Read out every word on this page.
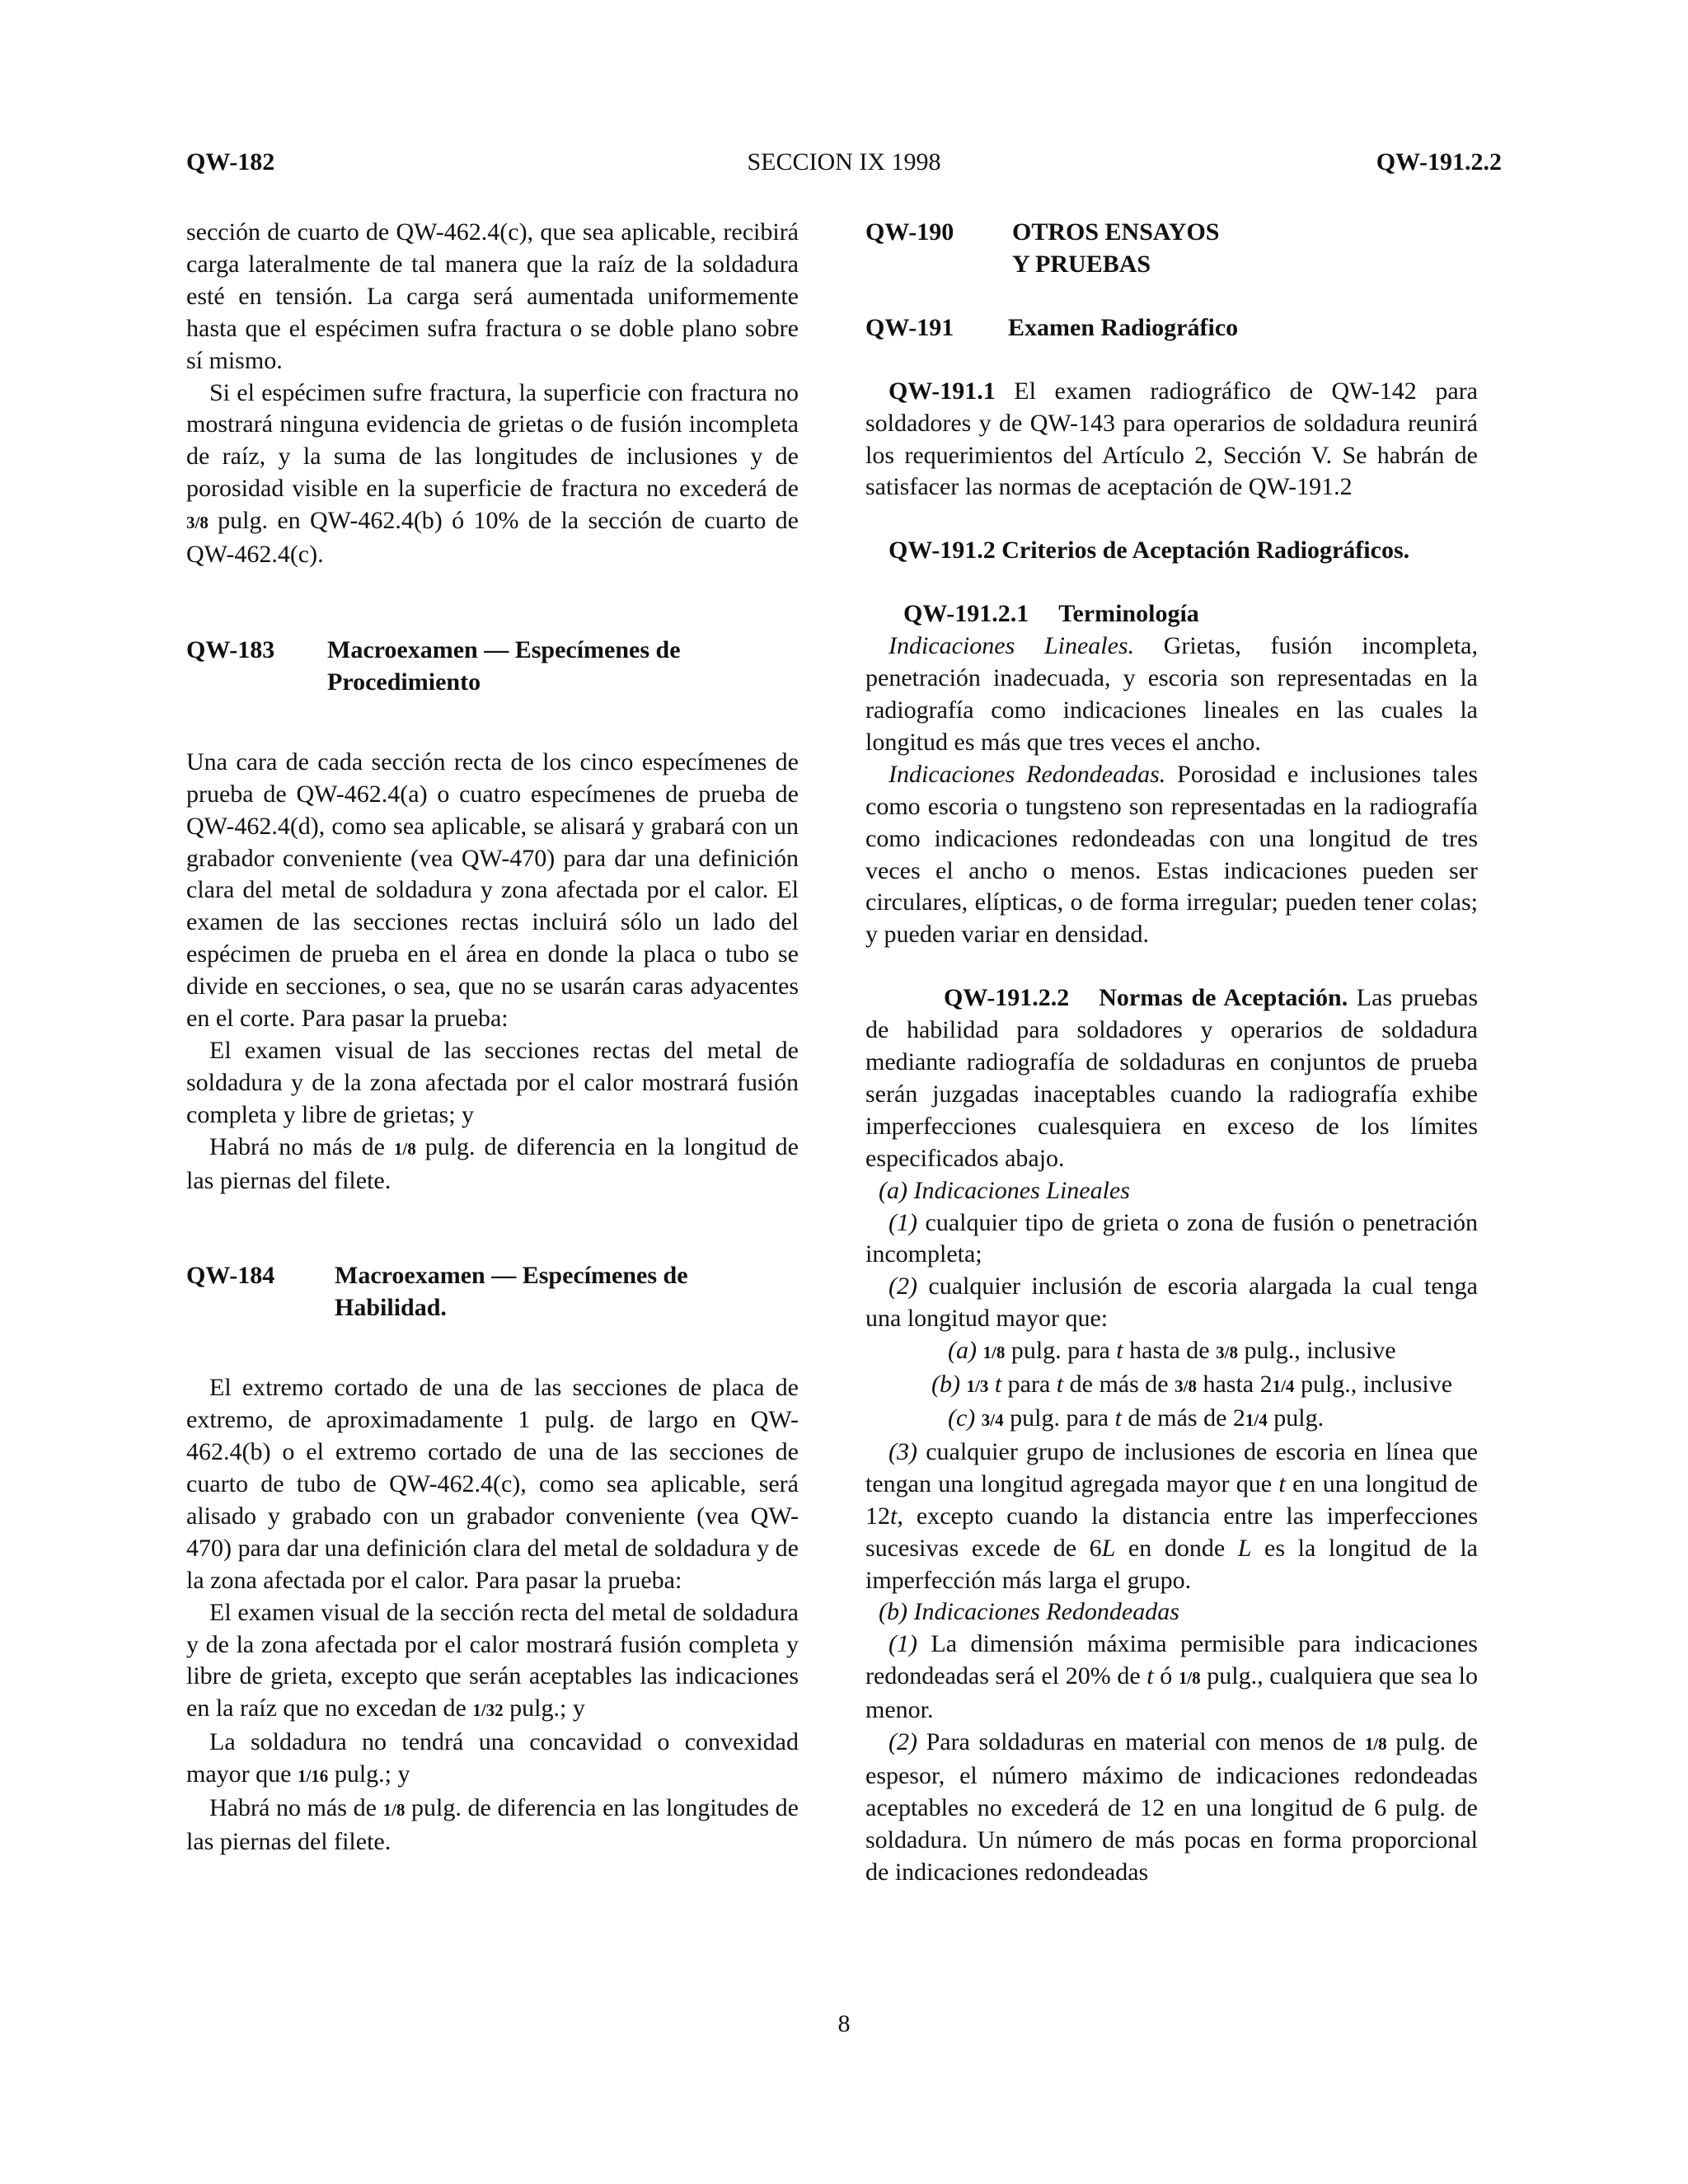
QW-182	SECCION IX 1998	QW-191.2.2

sección de cuarto de QW-462.4(c), que sea aplicable, recibirá carga lateralmente de tal manera que la raíz de la soldadura esté en tensión. La carga será aumentada uniformemente hasta que el espécimen sufra fractura o se doble plano sobre sí mismo.

Si el espécimen sufre fractura, la superficie con fractura no mostrará ninguna evidencia de grietas o de fusión incompleta de raíz, y la suma de las longitudes de inclusiones y de porosidad visible en la superficie de fractura no excederá de 3/8 pulg. en QW-462.4(b) ó 10% de la sección de cuarto de QW-462.4(c).

QW-183	Macroexamen — Especímenes de Procedimiento

Una cara de cada sección recta de los cinco especímenes de prueba de QW-462.4(a) o cuatro especímenes de prueba de QW-462.4(d), como sea aplicable, se alisará y grabará con un grabador conveniente (vea QW-470) para dar una definición clara del metal de soldadura y zona afectada por el calor. El examen de las secciones rectas incluirá sólo un lado del espécimen de prueba en el área en donde la placa o tubo se divide en secciones, o sea, que no se usarán caras adyacentes en el corte. Para pasar la prueba:

El examen visual de las secciones rectas del metal de soldadura y de la zona afectada por el calor mostrará fusión completa y libre de grietas; y

Habrá no más de 1/8 pulg. de diferencia en la longitud de las piernas del filete.

QW-184	Macroexamen — Especímenes de Habilidad.

El extremo cortado de una de las secciones de placa de extremo, de aproximadamente 1 pulg. de largo en QW-462.4(b) o el extremo cortado de una de las secciones de cuarto de tubo de QW-462.4(c), como sea aplicable, será alisado y grabado con un grabador conveniente (vea QW-470) para dar una definición clara del metal de soldadura y de la zona afectada por el calor. Para pasar la prueba:

El examen visual de la sección recta del metal de soldadura y de la zona afectada por el calor mostrará fusión completa y libre de grieta, excepto que serán aceptables las indicaciones en la raíz que no excedan de 1/32 pulg.; y

La soldadura no tendrá una concavidad o convexidad mayor que 1/16 pulg.; y

Habrá no más de 1/8 pulg. de diferencia en las longitudes de las piernas del filete.

QW-190	OTROS ENSAYOS Y PRUEBAS
QW-191	Examen Radiográfico

QW-191.1 El examen radiográfico de QW-142 para soldadores y de QW-143 para operarios de soldadura reunirá los requerimientos del Artículo 2, Sección V. Se habrán de satisfacer las normas de aceptación de QW-191.2

QW-191.2 Criterios de Aceptación Radiográficos.

QW-191.2.1 Terminología

Indicaciones Lineales. Grietas, fusión incompleta, penetración inadecuada, y escoria son representadas en la radiografía como indicaciones lineales en las cuales la longitud es más que tres veces el ancho.

Indicaciones Redondeadas. Porosidad e inclusiones tales como escoria o tungsteno son representadas en la radiografía como indicaciones redondeadas con una longitud de tres veces el ancho o menos. Estas indicaciones pueden ser circulares, elípticas, o de forma irregular; pueden tener colas; y pueden variar en densidad.

QW-191.2.2 Normas de Aceptación. Las pruebas de habilidad para soldadores y operarios de soldadura mediante radiografía de soldaduras en conjuntos de prueba serán juzgadas inaceptables cuando la radiografía exhibe imperfecciones cualesquiera en exceso de los límites especificados abajo.

(a) Indicaciones Lineales

(1) cualquier tipo de grieta o zona de fusión o penetración incompleta;

(2) cualquier inclusión de escoria alargada la cual tenga una longitud mayor que:

(a) 1/8 pulg. para t hasta de 3/8 pulg., inclusive

(b) 1/3 t para t de más de 3/8 hasta 21/4 pulg., inclusive

(c) 3/4 pulg. para t de más de 21/4 pulg.

(3) cualquier grupo de inclusiones de escoria en línea que tengan una longitud agregada mayor que t en una longitud de 12t, excepto cuando la distancia entre las imperfecciones sucesivas excede de 6L en donde L es la longitud de la imperfección más larga el grupo.

(b) Indicaciones Redondeadas

(1) La dimensión máxima permisible para indicaciones redondeadas será el 20% de t ó 1/8 pulg., cualquiera que sea lo menor.

(2) Para soldaduras en material con menos de 1/8 pulg. de espesor, el número máximo de indicaciones redondeadas aceptables no excederá de 12 en una longitud de 6 pulg. de soldadura. Un número de más pocas en forma proporcional de indicaciones redondeadas

8
